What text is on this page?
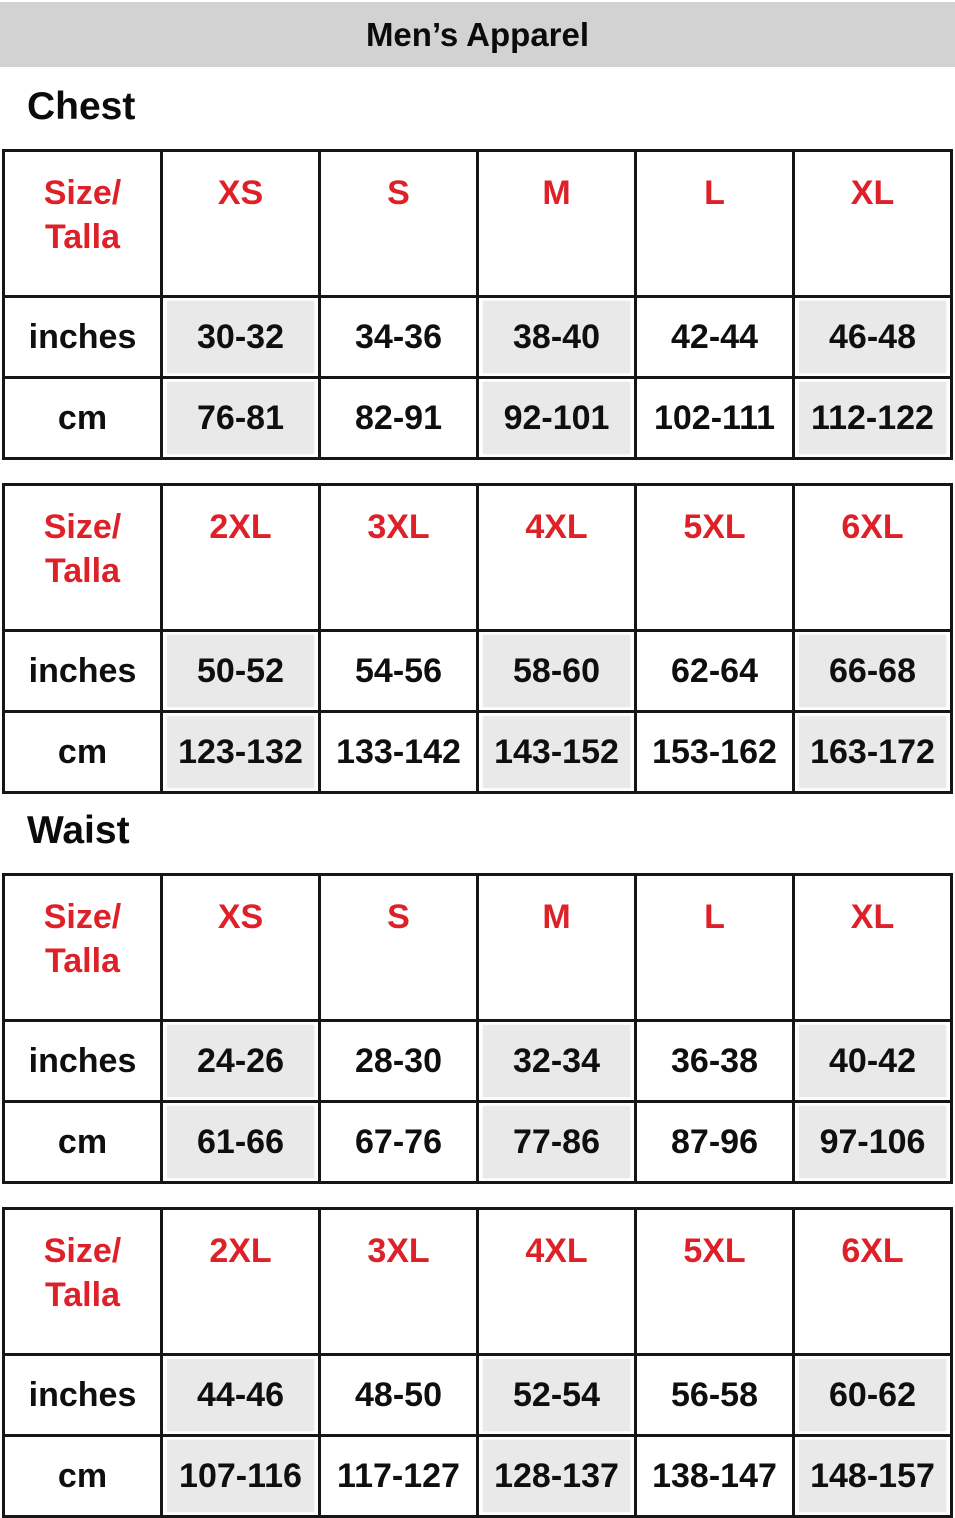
Men’s Apparel
Chest
Size/
Talla	XS	S	M	L	XL
inches	30-32	34-36	38-40	42-44	46-48

cm	76-81	82-91	92-101	102-111	112-122
Size/
Talla	2XL	3XL	4XL	5XL	6XL
inches	50-52	54-56	58-60	62-64	66-68

cm	123-132	133-142	143-152	153-162	163-172
Waist
Size/
Talla	XS	S	M	L	XL
inches	24-26	28-30	32-34	36-38	40-42

cm	61-66	67-76	77-86	87-96	97-106
Size/
Talla	2XL	3XL	4XL	5XL	6XL
inches	44-46	48-50	52-54	56-58	60-62

cm	107-116	117-127	128-137	138-147	148-157
